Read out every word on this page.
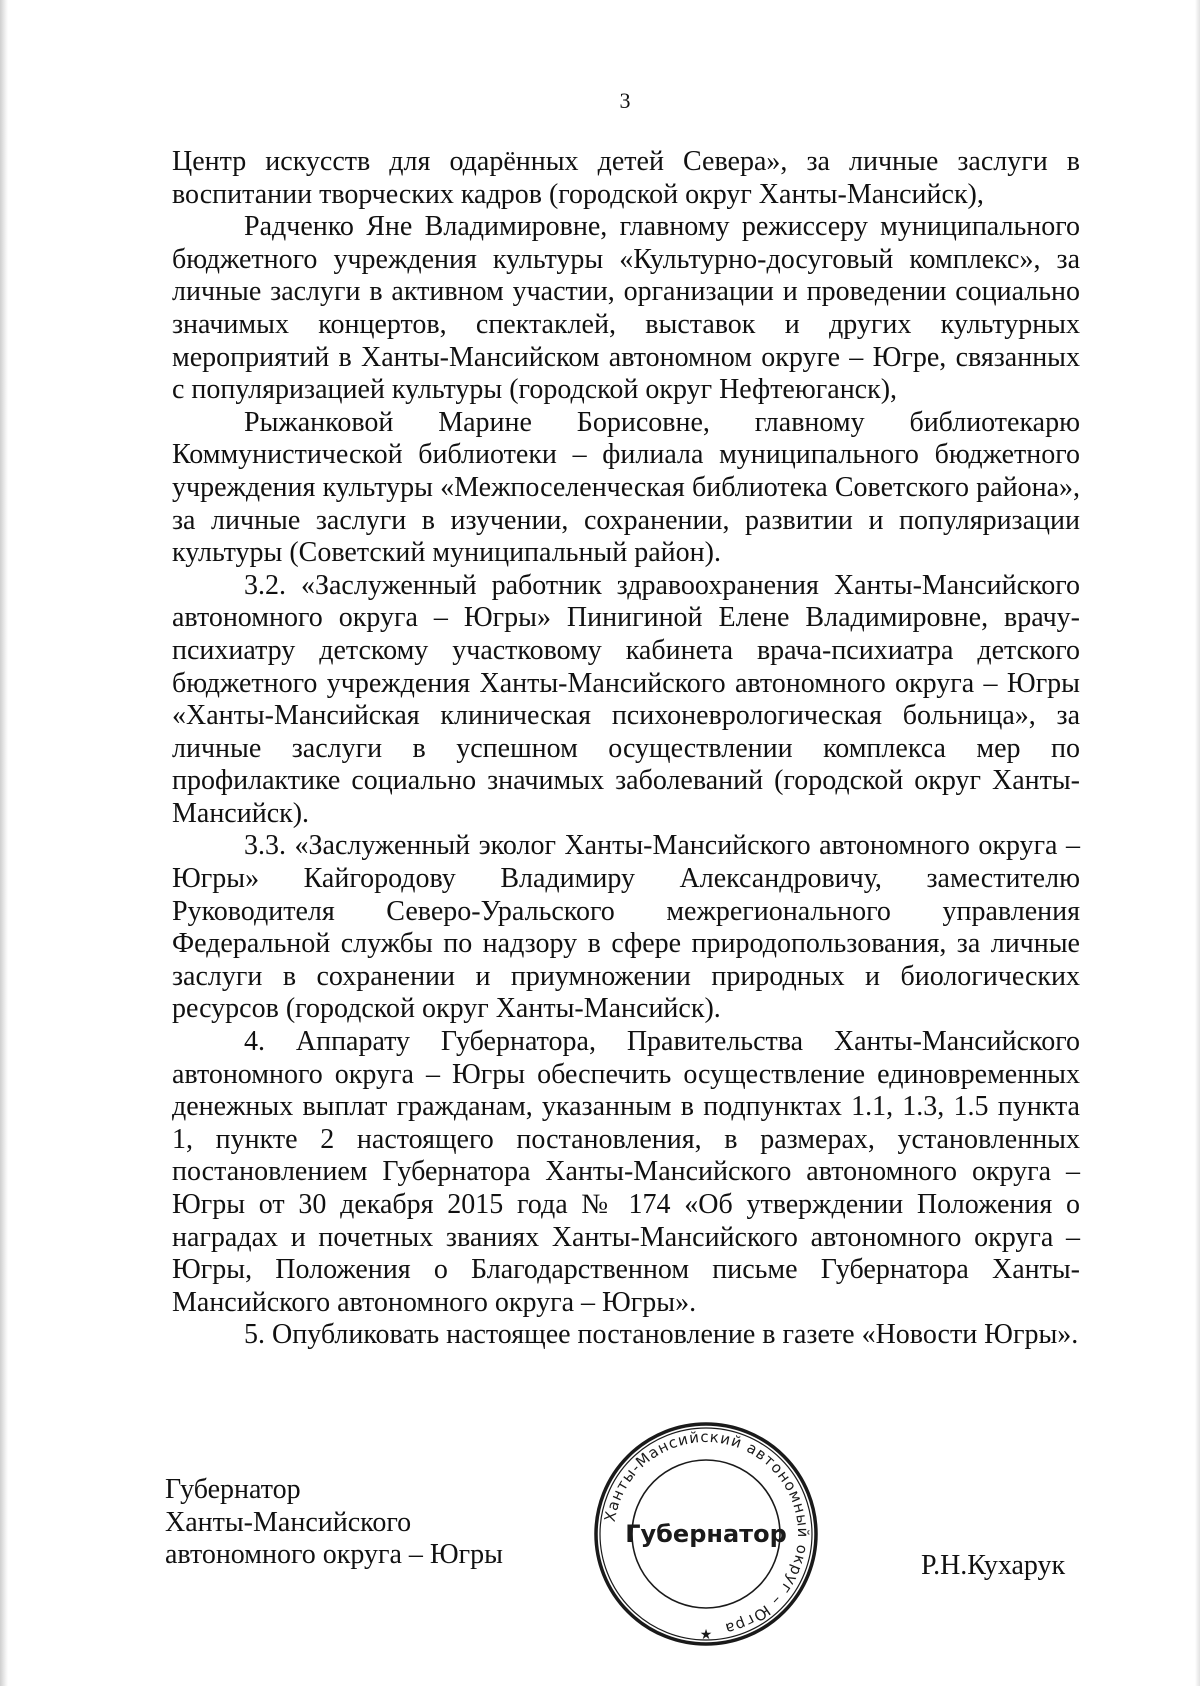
3

Центр искусств для одарённых детей Севера», за личные заслуги в воспитании творческих кадров (городской округ Ханты-Мансийск),

Радченко Яне Владимировне, главному режиссеру муниципального бюджетного учреждения культуры «Культурно-досуговый комплекс», за личные заслуги в активном участии, организации и проведении социально значимых концертов, спектаклей, выставок и других культурных мероприятий в Ханты-Мансийском автономном округе – Югре, связанных с популяризацией культуры (городской округ Нефтеюганск),

Рыжанковой Марине Борисовне, главному библиотекарю Коммунистической библиотеки – филиала муниципального бюджетного учреждения культуры «Межпоселенческая библиотека Советского района», за личные заслуги в изучении, сохранении, развитии и популяризации культуры (Советский муниципальный район).

3.2. «Заслуженный работник здравоохранения Ханты-Мансийского автономного округа – Югры» Пинигиной Елене Владимировне, врачу-психиатру детскому участковому кабинета врача-психиатра детского бюджетного учреждения Ханты-Мансийского автономного округа – Югры «Ханты-Мансийская клиническая психоневрологическая больница», за личные заслуги в успешном осуществлении комплекса мер по профилактике социально значимых заболеваний (городской округ Ханты-Мансийск).

3.3. «Заслуженный эколог Ханты-Мансийского автономного округа – Югры» Кайгородову Владимиру Александровичу, заместителю Руководителя Северо-Уральского межрегионального управления Федеральной службы по надзору в сфере природопользования, за личные заслуги в сохранении и приумножении природных и биологических ресурсов (городской округ Ханты-Мансийск).

4. Аппарату Губернатора, Правительства Ханты-Мансийского автономного округа – Югры обеспечить осуществление единовременных денежных выплат гражданам, указанным в подпунктах 1.1, 1.3, 1.5 пункта 1, пункте 2 настоящего постановления, в размерах, установленных постановлением Губернатора Ханты-Мансийского автономного округа – Югры от 30 декабря 2015 года № 174 «Об утверждении Положения о наградах и почетных званиях Ханты-Мансийского автономного округа – Югры, Положения о Благодарственном письме Губернатора Ханты-Мансийского автономного округа – Югры».

5. Опубликовать настоящее постановление в газете «Новости Югры».

Губернатор
Ханты-Мансийского
автономного округа – Югры
Ханты-Мансийский автономный округ – Югра
Губернатор
★
Р.Н.Кухарук
